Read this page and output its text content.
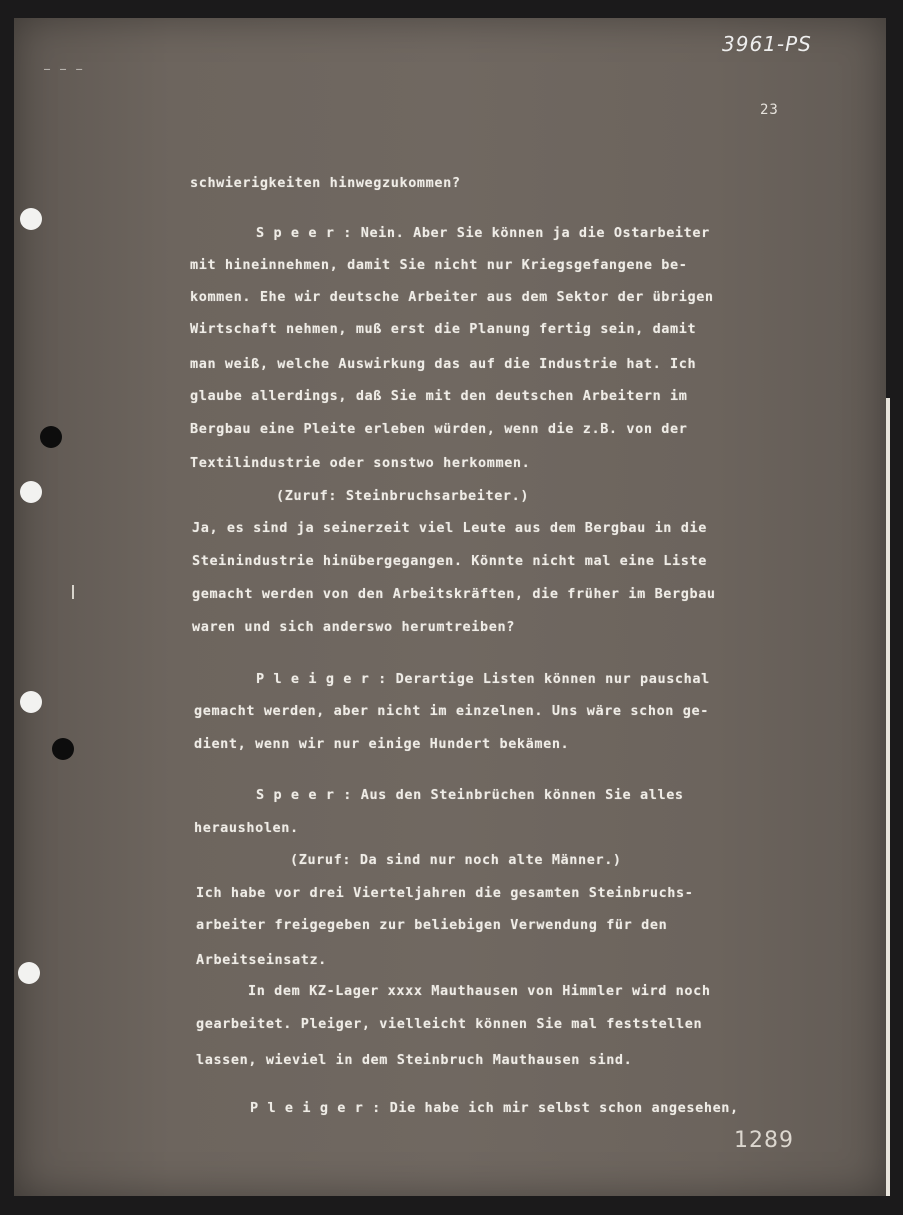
— — —
3961-PS
23
1289
schwierigkeiten hinwegzukommen?
S p e e r : Nein. Aber Sie können ja die Ostarbeiter
mit hineinnehmen, damit Sie nicht nur Kriegsgefangene be-
kommen. Ehe wir deutsche Arbeiter aus dem Sektor der übrigen
Wirtschaft nehmen, muß erst die Planung fertig sein, damit
man weiß, welche Auswirkung das auf die Industrie hat. Ich
glaube allerdings, daß Sie mit den deutschen Arbeitern im
Bergbau eine Pleite erleben würden, wenn die z.B. von der
Textilindustrie oder sonstwo herkommen.
(Zuruf: Steinbruchsarbeiter.)
Ja, es sind ja seinerzeit viel Leute aus dem Bergbau in die
Steinindustrie hinübergegangen. Könnte nicht mal eine Liste
gemacht werden von den Arbeitskräften, die früher im Bergbau
waren und sich anderswo herumtreiben?
P l e i g e r : Derartige Listen können nur pauschal
gemacht werden, aber nicht im einzelnen. Uns wäre schon ge-
dient, wenn wir nur einige Hundert bekämen.
S p e e r : Aus den Steinbrüchen können Sie alles
herausholen.
(Zuruf: Da sind nur noch alte Männer.)
Ich habe vor drei Vierteljahren die gesamten Steinbruchs-
arbeiter freigegeben zur beliebigen Verwendung für den
Arbeitseinsatz.
In dem KZ-Lager xxxx Mauthausen von Himmler wird noch
gearbeitet. Pleiger, vielleicht können Sie mal feststellen
lassen, wieviel in dem Steinbruch Mauthausen sind.
P l e i g e r : Die habe ich mir selbst schon angesehen,
